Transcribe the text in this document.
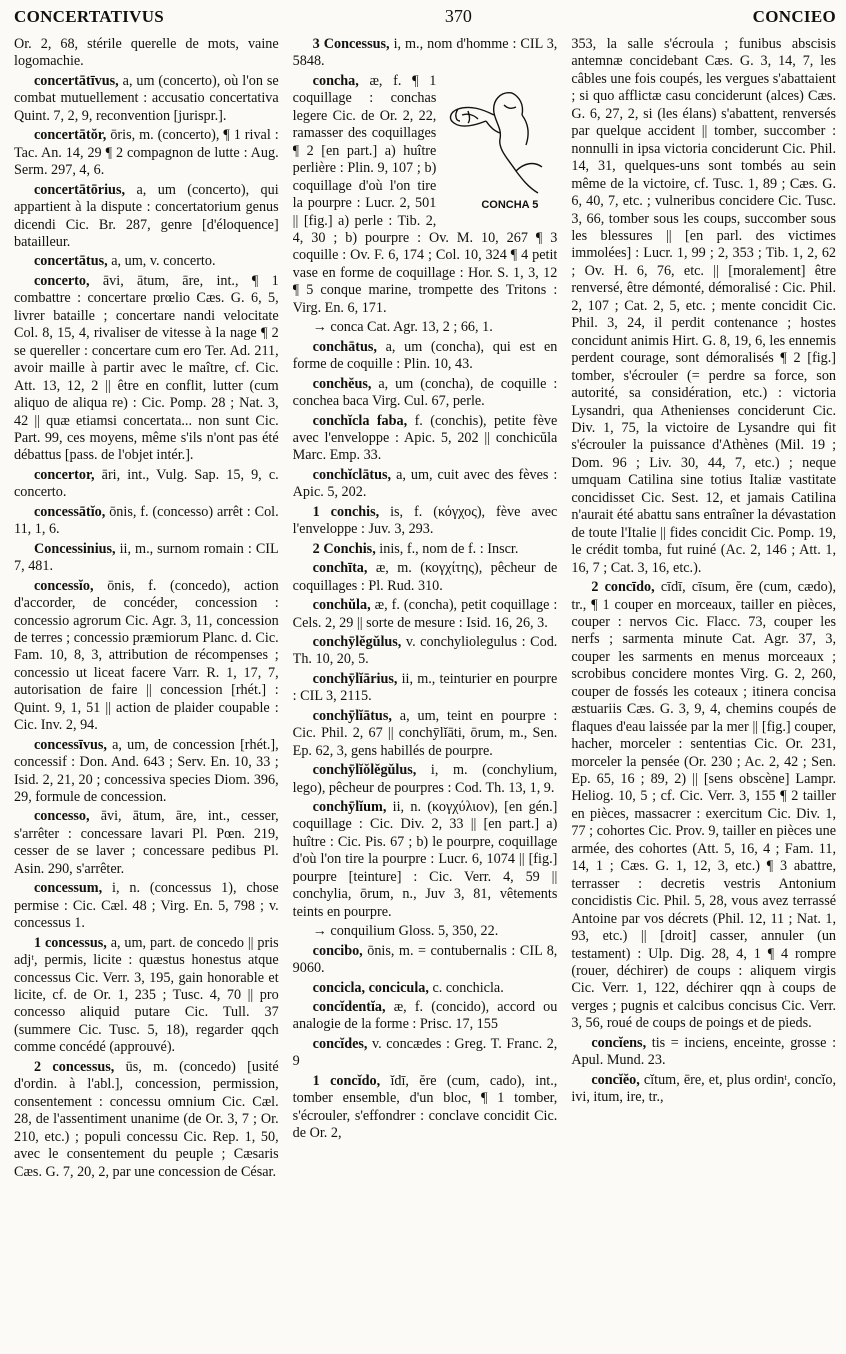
CONCERTATIVUS	370	CONCIEO

Or. 2, 68, stérile querelle de mots, vaine logomachie.

concertātīvus, a, um (concerto), où l'on se combat mutuellement : accusatio concertativa Quint. 7, 2, 9, reconvention [jurispr.].

concertātŏr, ōris, m. (concerto), ¶ 1 rival : Tac. An. 14, 29 ¶ 2 compagnon de lutte : Aug. Serm. 297, 4, 6.

concertātōrius, a, um (concerto), qui appartient à la dispute : concertatorium genus dicendi Cic. Br. 287, genre [d'éloquence] batailleur.

concertātus, a, um, v. concerto.

concerto, āvi, ātum, āre, int., ¶ 1 combattre : concertare prœlio Cæs. G. 6, 5, livrer bataille ; concertare nandi velocitate Col. 8, 15, 4, rivaliser de vitesse à la nage ¶ 2 se quereller : concertare cum ero Ter. Ad. 211, avoir maille à partir avec le maître, cf. Cic. Att. 13, 12, 2 || être en conflit, lutter (cum aliquo de aliqua re) : Cic. Pomp. 28 ; Nat. 3, 42 || quæ etiamsi concertata... non sunt Cic. Part. 99, ces moyens, même s'ils n'ont pas été débattus [pass. de l'objet intér.].

concertor, āri, int., Vulg. Sap. 15, 9, c. concerto.

concessātĭo, ōnis, f. (concesso) arrêt : Col. 11, 1, 6.

Concessinius, ii, m., surnom romain : CIL 7, 481.

concessĭo, ōnis, f. (concedo), action d'accorder, de concéder, concession : concessio agrorum Cic. Agr. 3, 11, concession de terres ; concessio præmiorum Planc. d. Cic. Fam. 10, 8, 3, attribution de récompenses ; concessio ut liceat facere Varr. R. 1, 17, 7, autorisation de faire || concession [rhét.] : Quint. 9, 1, 51 || action de plaider coupable : Cic. Inv. 2, 94.

concessīvus, a, um, de concession [rhét.], concessif : Don. And. 643 ; Serv. En. 10, 33 ; Isid. 2, 21, 20 ; concessiva species Diom. 396, 29, formule de concession.

concesso, āvi, ātum, āre, int., cesser, s'arrêter : concessare lavari Pl. Pœn. 219, cesser de se laver ; concessare pedibus Pl. Asin. 290, s'arrêter.

concessum, i, n. (concessus 1), chose permise : Cic. Cæl. 48 ; Virg. En. 5, 798 ; v. concessus 1.

1 concessus, a, um, part. de concedo || pris adjᵗ, permis, licite : quæstus honestus atque concessus Cic. Verr. 3, 195, gain honorable et licite, cf. de Or. 1, 235 ; Tusc. 4, 70 || pro concesso aliquid putare Cic. Tull. 37 (summere Cic. Tusc. 5, 18), regarder qqch comme concédé (approuvé).

2 concessus, ūs, m. (concedo) [usité d'ordin. à l'abl.], concession, permission, consentement : concessu omnium Cic. Cæl. 28, de l'assentiment unanime (de Or. 3, 7 ; Or. 210, etc.) ; populi concessu Cic. Rep. 1, 50, avec le consentement du peuple ; Cæsaris Cæs. G. 7, 20, 2, par une concession de César.

3 Concessus, i, m., nom d'homme : CIL 3, 5848.

concha,
CONCHA 5
æ, f. ¶ 1 coquillage : conchas legere Cic. de Or. 2, 22, ramasser des coquillages ¶ 2 [en part.] a) huître perlière : Plin. 9, 107 ; b) coquillage d'où l'on tire la pourpre : Lucr. 2, 501 || [fig.] a) perle : Tib. 2, 4, 30 ; b) pourpre : Ov. M. 10, 267 ¶ 3 coquille : Ov. F. 6, 174 ; Col. 10, 324 ¶ 4 petit vase en forme de coquillage : Hor. S. 1, 3, 12 ¶ 5 conque marine, trompette des Tritons : Virg. En. 6, 171.

→ conca Cat. Agr. 13, 2 ; 66, 1.

conchātus, a, um (concha), qui est en forme de coquille : Plin. 10, 43.

conchĕus, a, um (concha), de coquille : conchea baca Virg. Cul. 67, perle.

conchĭcla faba, f. (conchis), petite fève avec l'enveloppe : Apic. 5, 202 || conchicŭla Marc. Emp. 33.

conchĭclātus, a, um, cuit avec des fèves : Apic. 5, 202.

1 conchis, is, f. (κόγχος), fève avec l'enveloppe : Juv. 3, 293.

2 Conchis, inis, f., nom de f. : Inscr.

conchīta, æ, m. (κογχίτης), pêcheur de coquillages : Pl. Rud. 310.

conchŭla, æ, f. (concha), petit coquillage : Cels. 2, 29 || sorte de mesure : Isid. 16, 26, 3.

conchȳlĕgŭlus, v. conchyliolegulus : Cod. Th. 10, 20, 5.

conchȳlĭārius, ii, m., teinturier en pourpre : CIL 3, 2115.

conchȳlĭātus, a, um, teint en pourpre : Cic. Phil. 2, 67 || conchȳlĭāti, ōrum, m., Sen. Ep. 62, 3, gens habillés de pourpre.

conchȳlĭŏlĕgŭlus, i, m. (conchylium, lego), pêcheur de pourpres : Cod. Th. 13, 1, 9.

conchȳlĭum, ii, n. (κογχύλιον), [en gén.] coquillage : Cic. Div. 2, 33 || [en part.] a) huître : Cic. Pis. 67 ; b) le pourpre, coquillage d'où l'on tire la pourpre : Lucr. 6, 1074 || [fig.] pourpre [teinture] : Cic. Verr. 4, 59 || conchylia, ōrum, n., Juv 3, 81, vêtements teints en pourpre.

→ conquilium Gloss. 5, 350, 22.

concibo, ōnis, m. = contubernalis : CIL 8, 9060.

concicla, concicula, c. conchicla.

concĭdentĭa, æ, f. (concido), accord ou analogie de la forme : Prisc. 17, 155

concĭdes, v. concædes : Greg. T. Franc. 2, 9

1 concĭdo, ĭdī, ĕre (cum, cado), int., tomber ensemble, d'un bloc, ¶ 1 tomber, s'écrouler, s'effondrer : conclave concidit Cic. de Or. 2,

353, la salle s'écroula ; funibus abscisis antemnæ concidebant Cæs. G. 3, 14, 7, les câbles une fois coupés, les vergues s'abattaient ; si quo afflictæ casu conciderunt (alces) Cæs. G. 6, 27, 2, si (les élans) s'abattent, renversés par quelque accident || tomber, succomber : nonnulli in ipsa victoria conciderunt Cic. Phil. 14, 31, quelques-uns sont tombés au sein même de la victoire, cf. Tusc. 1, 89 ; Cæs. G. 6, 40, 7, etc. ; vulneribus concidere Cic. Tusc. 3, 66, tomber sous les coups, succomber sous les blessures || [en parl. des victimes immolées] : Lucr. 1, 99 ; 2, 353 ; Tib. 1, 2, 62 ; Ov. H. 6, 76, etc. || [moralement] être renversé, être démonté, démoralisé : Cic. Phil. 2, 107 ; Cat. 2, 5, etc. ; mente concidit Cic. Phil. 3, 24, il perdit contenance ; hostes concidunt animis Hirt. G. 8, 19, 6, les ennemis perdent courage, sont démoralisés ¶ 2 [fig.] tomber, s'écrouler (= perdre sa force, son autorité, sa considération, etc.) : victoria Lysandri, qua Athenienses conciderunt Cic. Div. 1, 75, la victoire de Lysandre qui fit s'écrouler la puissance d'Athènes (Mil. 19 ; Dom. 96 ; Liv. 30, 44, 7, etc.) ; neque umquam Catilina sine totius Italiæ vastitate concidisset Cic. Sest. 12, et jamais Catilina n'aurait été abattu sans entraîner la dévastation de toute l'Italie || fides concidit Cic. Pomp. 19, le crédit tomba, fut ruiné (Ac. 2, 146 ; Att. 1, 16, 7 ; Cat. 3, 16, etc.).

2 concīdo, cīdī, cīsum, ĕre (cum, cædo), tr., ¶ 1 couper en morceaux, tailler en pièces, couper : nervos Cic. Flacc. 73, couper les nerfs ; sarmenta minute Cat. Agr. 37, 3, couper les sarments en menus morceaux ; scrobibus concidere montes Virg. G. 2, 260, couper de fossés les coteaux ; itinera concisa æstuariis Cæs. G. 3, 9, 4, chemins coupés de flaques d'eau laissée par la mer || [fig.] couper, hacher, morceler : sententias Cic. Or. 231, morceler la pensée (Or. 230 ; Ac. 2, 42 ; Sen. Ep. 65, 16 ; 89, 2) || [sens obscène] Lampr. Heliog. 10, 5 ; cf. Cic. Verr. 3, 155 ¶ 2 tailler en pièces, massacrer : exercitum Cic. Div. 1, 77 ; cohortes Cic. Prov. 9, tailler en pièces une armée, des cohortes (Att. 5, 16, 4 ; Fam. 11, 14, 1 ; Cæs. G. 1, 12, 3, etc.) ¶ 3 abattre, terrasser : decretis vestris Antonium concidistis Cic. Phil. 5, 28, vous avez terrassé Antoine par vos décrets (Phil. 12, 11 ; Nat. 1, 93, etc.) || [droit] casser, annuler (un testament) : Ulp. Dig. 28, 4, 1 ¶ 4 rompre (rouer, déchirer) de coups : aliquem virgis Cic. Verr. 1, 122, déchirer qqn à coups de verges ; pugnis et calcibus concisus Cic. Verr. 3, 56, roué de coups de poings et de pieds.

concĭens, tis = inciens, enceinte, grosse : Apul. Mund. 23.

concĭĕo, cĭtum, ēre, et, plus ordinᵗ, concĭo, ivi, itum, ire, tr.,
